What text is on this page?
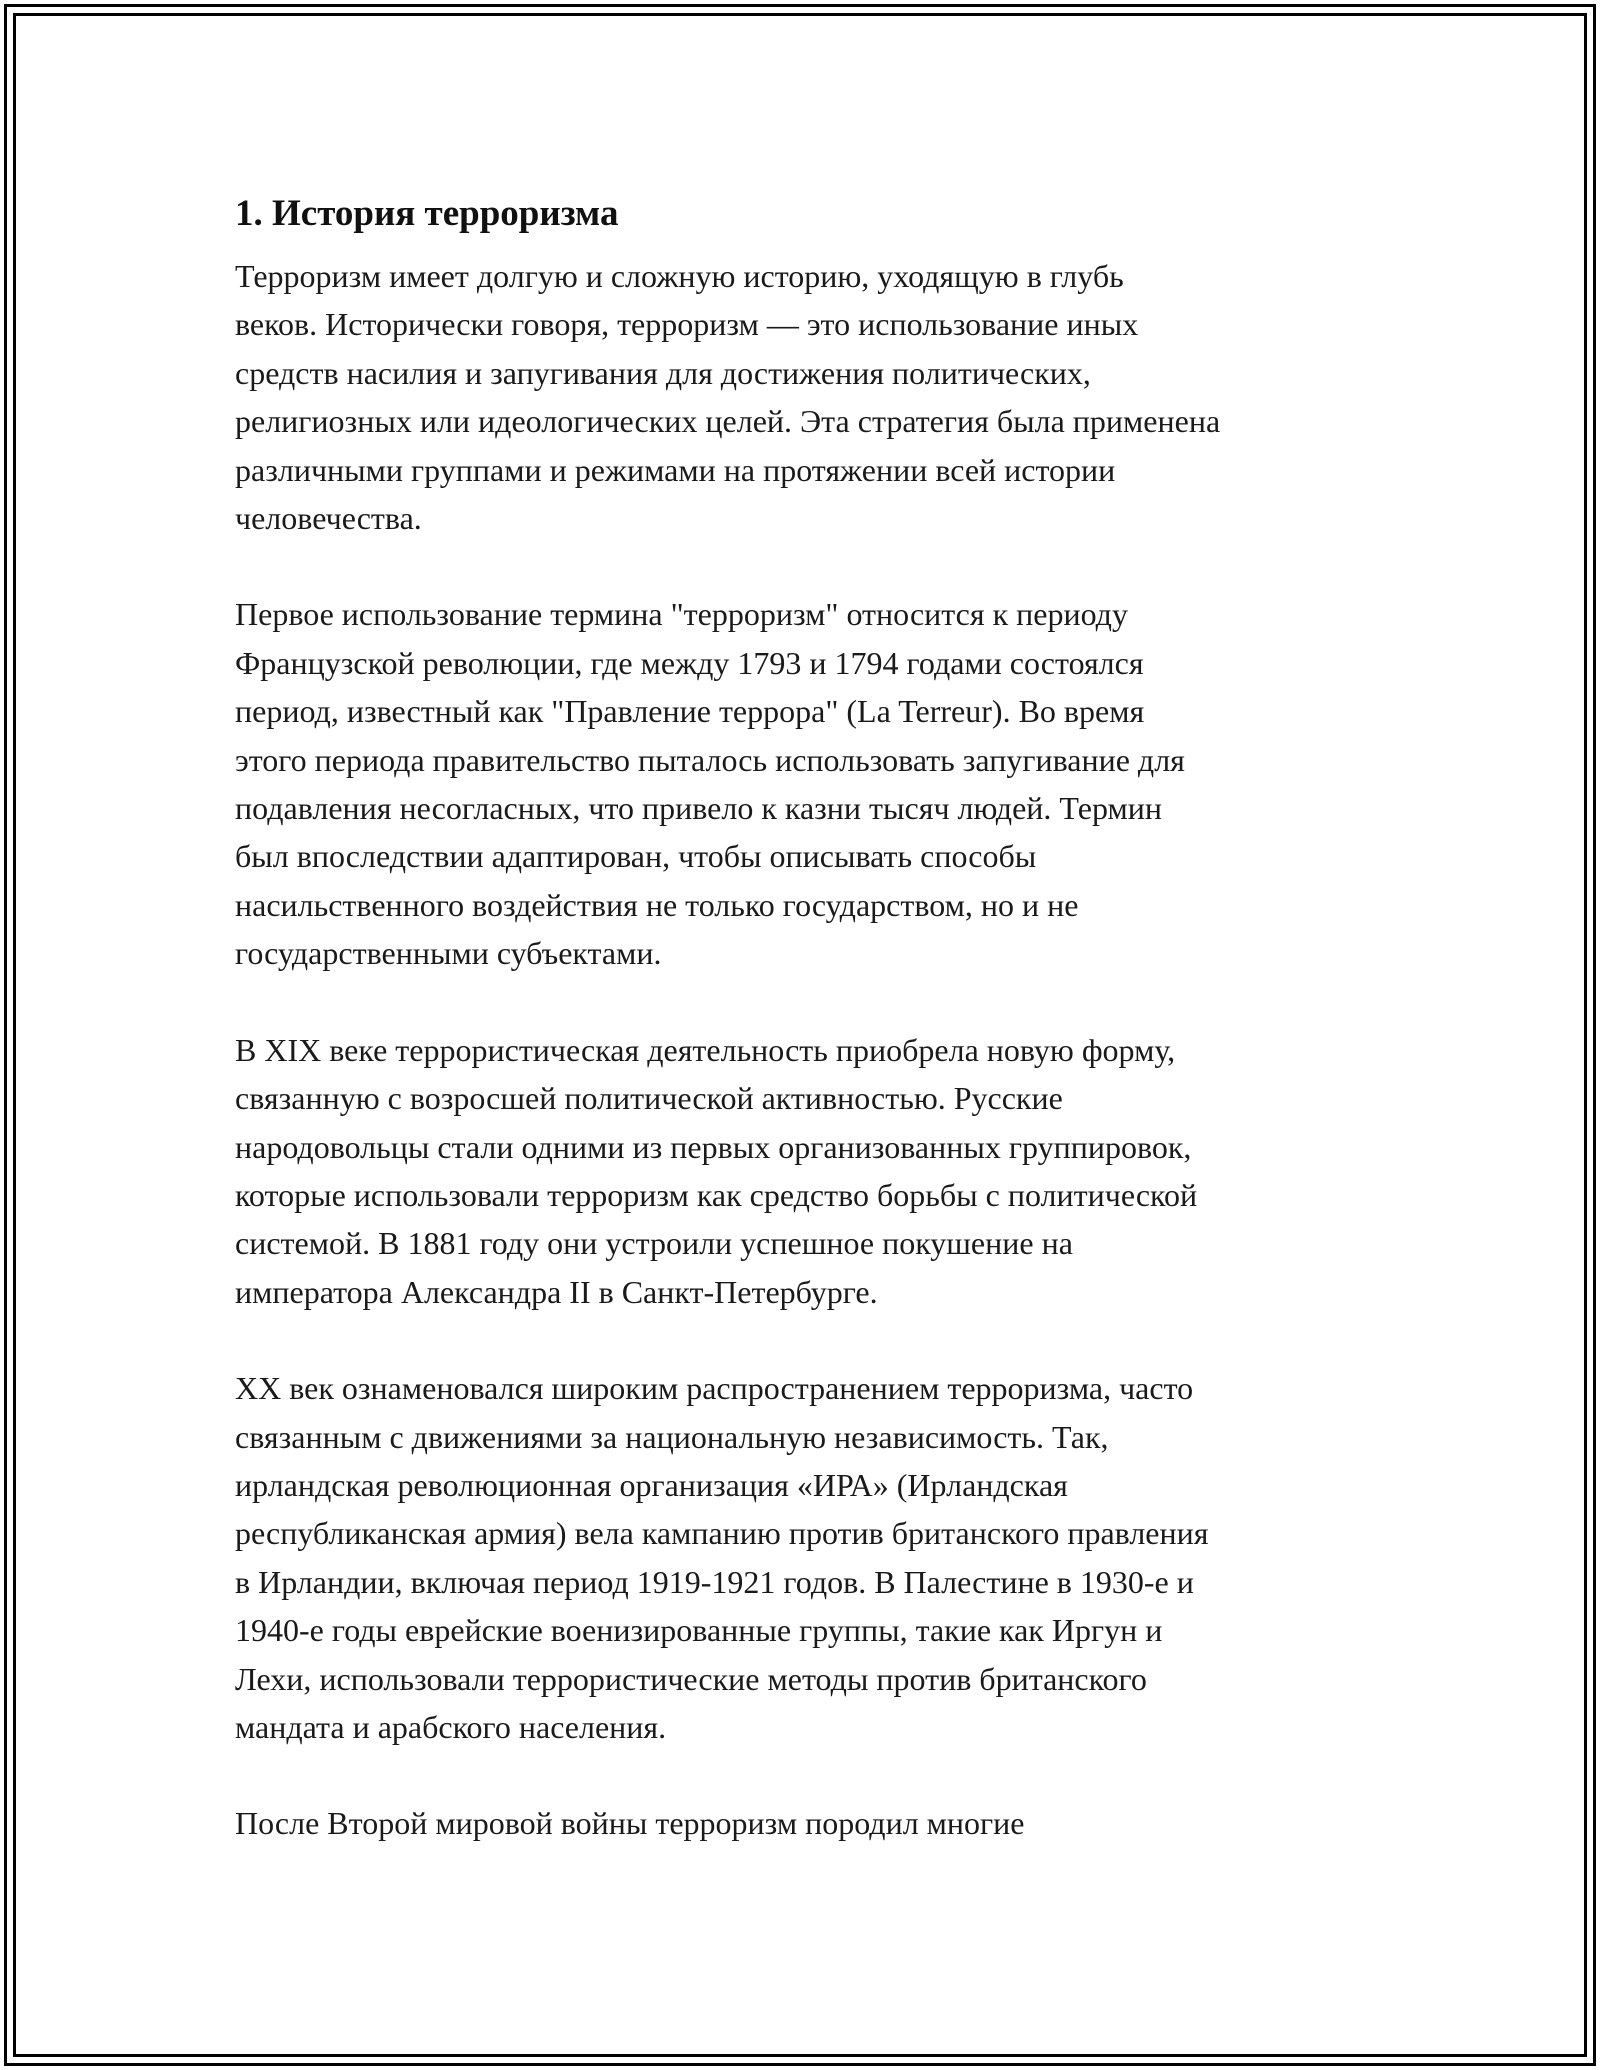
1. История терроризма
Терроризм имеет долгую и сложную историю, уходящую в глубь
веков. Исторически говоря, терроризм — это использование иных
средств насилия и запугивания для достижения политических,
религиозных или идеологических целей. Эта стратегия была применена
различными группами и режимами на протяжении всей истории
человечества.
Первое использование термина "терроризм" относится к периоду
Французской революции, где между 1793 и 1794 годами состоялся
период, известный как "Правление террора" (La Terreur). Во время
этого периода правительство пыталось использовать запугивание для
подавления несогласных, что привело к казни тысяч людей. Термин
был впоследствии адаптирован, чтобы описывать способы
насильственного воздействия не только государством, но и не
государственными субъектами.
В XIX веке террористическая деятельность приобрела новую форму,
связанную с возросшей политической активностью. Русские
народовольцы стали одними из первых организованных группировок,
которые использовали терроризм как средство борьбы с политической
системой. В 1881 году они устроили успешное покушение на
императора Александра II в Санкт-Петербурге.
XX век ознаменовался широким распространением терроризма, часто
связанным с движениями за национальную независимость. Так,
ирландская революционная организация «ИРА» (Ирландская
республиканская армия) вела кампанию против британского правления
в Ирландии, включая период 1919-1921 годов. В Палестине в 1930-е и
1940-е годы еврейские военизированные группы, такие как Иргун и
Лехи, использовали террористические методы против британского
мандата и арабского населения.
После Второй мировой войны терроризм породил многие
